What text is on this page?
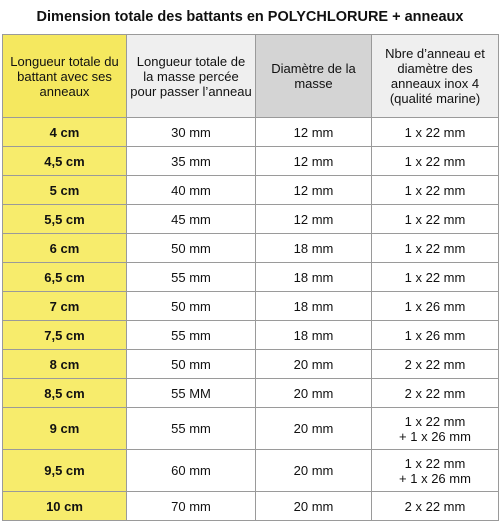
Dimension totale des battants en POLYCHLORURE + anneaux
Longueur totale du battant avec ses anneaux	Longueur totale de la masse percée pour passer l’anneau	Diamètre de la masse	Nbre d’anneau et diamètre des anneaux inox 4 (qualité marine)
4 cm	30 mm	12 mm	1 x 22 mm
4,5 cm	35 mm	12 mm	1 x 22 mm
5 cm	40 mm	12 mm	1 x 22 mm
5,5 cm	45 mm	12 mm	1 x 22 mm
6 cm	50 mm	18 mm	1 x 22 mm
6,5 cm	55 mm	18 mm	1 x 22 mm
7 cm	50 mm	18 mm	1 x 26 mm
7,5 cm	55 mm	18 mm	1 x 26 mm
8 cm	50 mm	20 mm	2 x 22 mm
8,5 cm	55 MM	20 mm	2 x 22 mm
9 cm	55 mm	20 mm	1 x 22 mm
+ 1 x 26 mm
9,5 cm	60 mm	20 mm	1 x 22 mm
+ 1 x 26 mm
10 cm	70 mm	20 mm	2 x 22 mm
